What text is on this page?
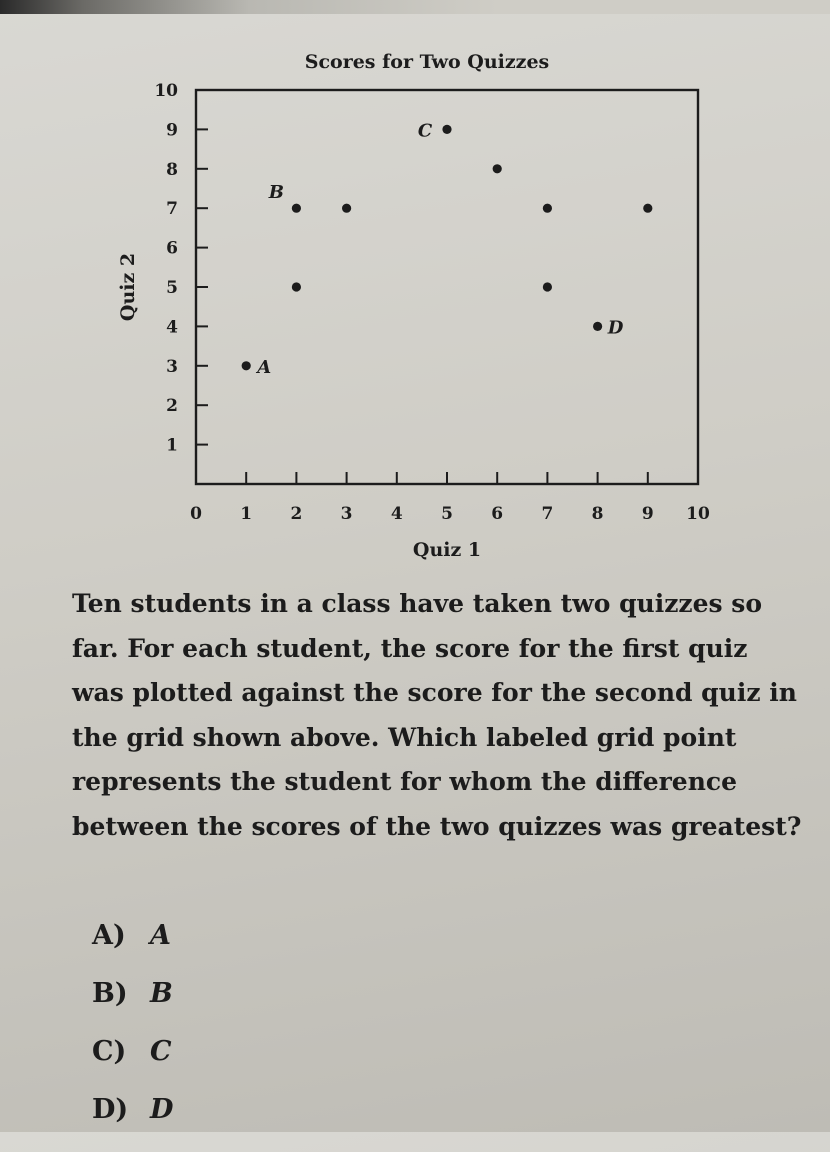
Scores for Two Quizzes
0 1 2 3 4 5 6 7 8 9 10
1
2
3
4
5
6
7
8
9
10
Quiz 1
Quiz 2
A
B
C
D

Ten students in a class have taken two quizzes so far. For each student, the score for the first quiz was plotted against the score for the second quiz in the grid shown above. Which labeled grid point represents the student for whom the difference between the scores of the two quizzes was greatest?

A) A
B) B
C) C
D) D
